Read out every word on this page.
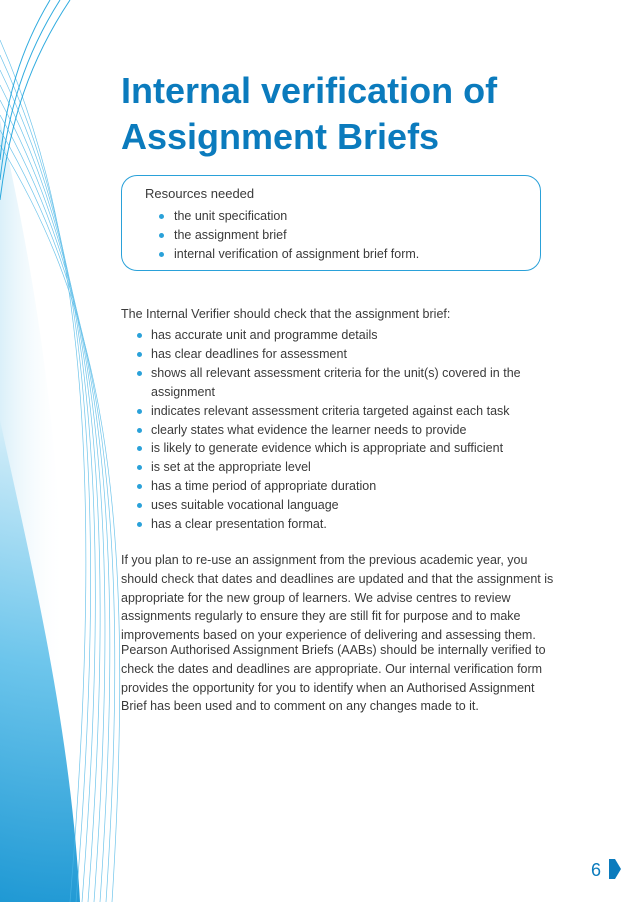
Internal verification of Assignment Briefs
Resources needed
the unit specification
the assignment brief
internal verification of assignment brief form.
The Internal Verifier should check that the assignment brief:
has accurate unit and programme details
has clear deadlines for assessment
shows all relevant assessment criteria for the unit(s) covered in the assignment
indicates relevant assessment criteria targeted against each task
clearly states what evidence the learner needs to provide
is likely to generate evidence which is appropriate and sufficient
is set at the appropriate level
has a time period of appropriate duration
uses suitable vocational language
has a clear presentation format.

If you plan to re-use an assignment from the previous academic year, you should check that dates and deadlines are updated and that the assignment is appropriate for the new group of learners. We advise centres to review assignments regularly to ensure they are still fit for purpose and to make improvements based on your experience of delivering and assessing them.

Pearson Authorised Assignment Briefs (AABs) should be internally verified to check the dates and deadlines are appropriate. Our internal verification form provides the opportunity for you to identify when an Authorised Assignment Brief has been used and to comment on any changes made to it.

6
